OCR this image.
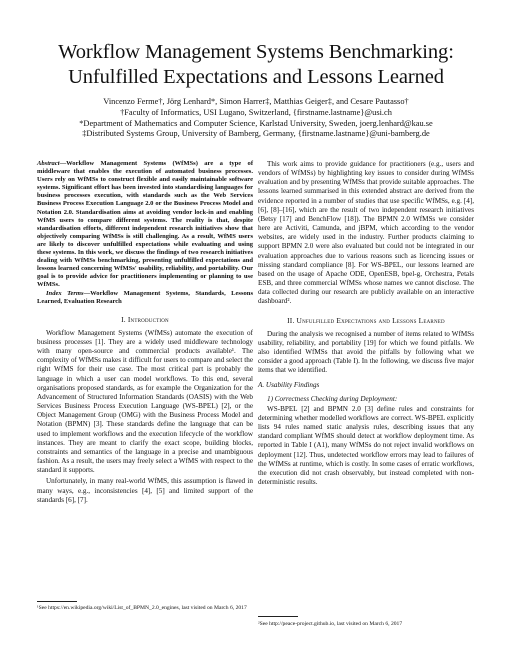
Workflow Management Systems Benchmarking:
Unfulfilled Expectations and Lessons Learned
Vincenzo Ferme†, Jörg Lenhard*, Simon Harrer‡, Matthias Geiger‡, and Cesare Pautasso†
†Faculty of Informatics, USI Lugano, Switzerland, {firstname.lastname}@usi.ch
*Department of Mathematics and Computer Science, Karlstad University, Sweden, joerg.lenhard@kau.se
‡Distributed Systems Group, University of Bamberg, Germany, {firstname.lastname}@uni-bamberg.de
Abstract—Workflow Management Systems (WfMSs) are a type of middleware that enables the execution of automated business processes. Users rely on WfMSs to construct flexible and easily maintainable software systems. Significant effort has been invested into standardising languages for business processes execution, with standards such as the Web Services Business Process Execution Language 2.0 or the Business Process Model and Notation 2.0. Standardisation aims at avoiding vendor lock-in and enabling WfMS users to compare different systems. The reality is that, despite standardisation efforts, different independent research initiatives show that objectively comparing WfMSs is still challenging. As a result, WfMS users are likely to discover unfulfilled expectations while evaluating and using these systems. In this work, we discuss the findings of two research initiatives dealing with WfMSs benchmarking, presenting unfulfilled expectations and lessons learned concerning WfMSs' usability, reliability, and portability. Our goal is to provide advice for practitioners implementing or planning to use WfMSs.
Index Terms—Workflow Management Systems, Standards, Lessons Learned, Evaluation Research
I. Introduction
Workflow Management Systems (WfMSs) automate the execution of business processes [1]. They are a widely used middleware technology with many open-source and commercial products available¹. The complexity of WfMSs makes it difficult for users to compare and select the right WfMS for their use case. The most critical part is probably the language in which a user can model workflows. To this end, several organisations proposed standards, as for example the Organization for the Advancement of Structured Information Standards (OASIS) with the Web Services Business Process Execution Language (WS-BPEL) [2], or the Object Management Group (OMG) with the Business Process Model and Notation (BPMN) [3]. These standards define the language that can be used to implement workflows and the execution lifecycle of the workflow instances. They are meant to clarify the exact scope, building blocks, constraints and semantics of the language in a precise and unambiguous fashion. As a result, the users may freely select a WfMS with respect to the standard it supports.
Unfortunately, in many real-world WfMS, this assumption is flawed in many ways, e.g., inconsistencies [4], [5] and limited support of the standards [6], [7].
¹See https://en.wikipedia.org/wiki/List_of_BPMN_2.0_engines, last visited on March 6, 2017
This work aims to provide guidance for practitioners (e.g., users and vendors of WfMSs) by highlighting key issues to consider during WfMSs evaluation and by presenting WfMSs that provide suitable approaches. The lessons learned summarised in this extended abstract are derived from the evidence reported in a number of studies that use specific WfMSs, e.g. [4], [6], [8]–[16], which are the result of two independent research initiatives (Betsy [17] and BenchFlow [18]). The BPMN 2.0 WfMSs we consider here are Activiti, Camunda, and jBPM, which according to the vendor websites, are widely used in the industry. Further products claiming to support BPMN 2.0 were also evaluated but could not be integrated in our evaluation approaches due to various reasons such as licencing issues or missing standard compliance [8]. For WS-BPEL, our lessons learned are based on the usage of Apache ODE, OpenESB, bpel-g, Orchestra, Petals ESB, and three commercial WfMSs whose names we cannot disclose. The data collected during our research are publicly available on an interactive dashboard².
II. Unfulfilled Expectations and Lessons Learned
During the analysis we recognised a number of items related to WfMSs usability, reliability, and portability [19] for which we found pitfalls. We also identified WfMSs that avoid the pitfalls by following what we consider a good approach (Table I). In the following, we discuss five major items that we identified.
A. Usability Findings
1) Correctness Checking during Deployment:
WS-BPEL [2] and BPMN 2.0 [3] define rules and constraints for determining whether modelled workflows are correct. WS-BPEL explicitly lists 94 rules named static analysis rules, describing issues that any standard compliant WfMS should detect at workflow deployment time. As reported in Table I (A1), many WfMSs do not reject invalid workflows on deployment [12]. Thus, undetected workflow errors may lead to failures of the WfMSs at runtime, which is costly. In some cases of erratic workflows, the execution did not crash observably, but instead completed with non-deterministic results.
²See http://peace-project.github.io, last visited on March 6, 2017
